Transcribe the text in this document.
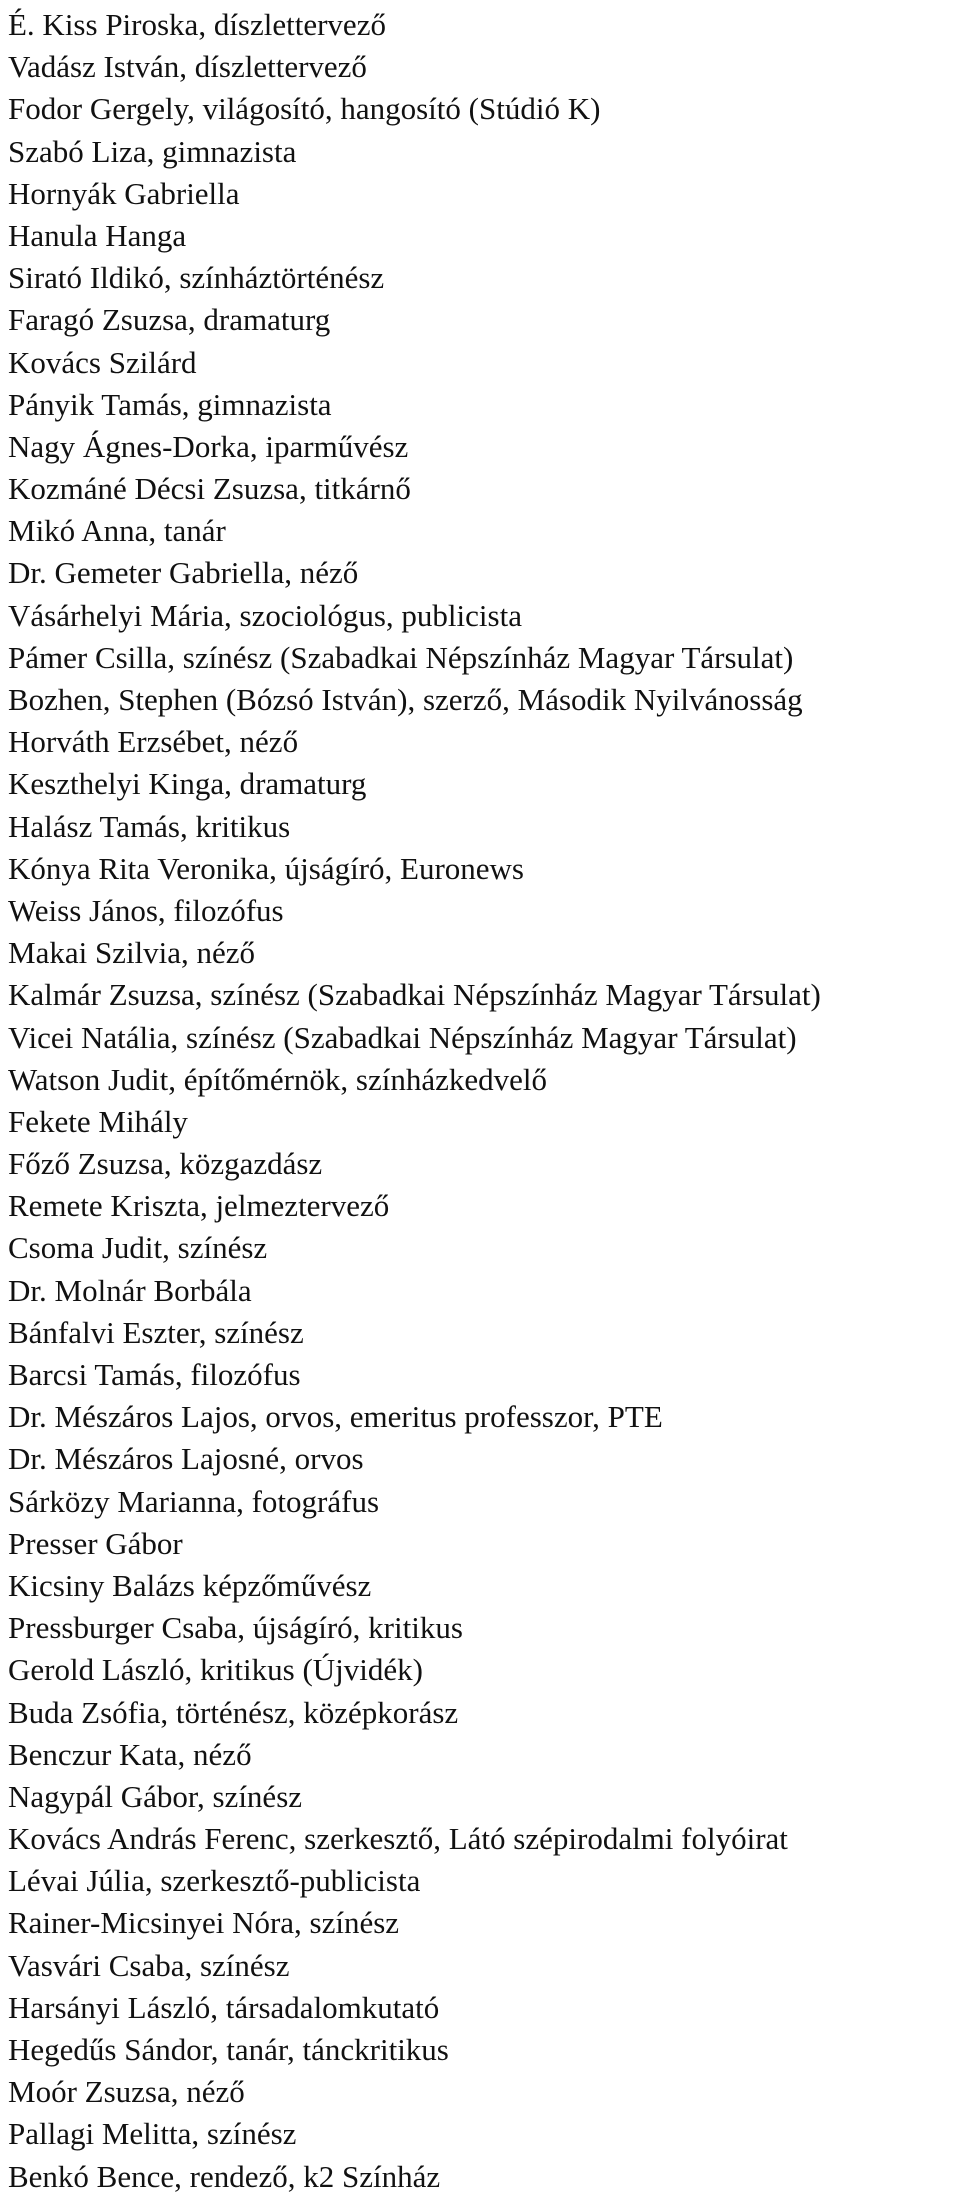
É. Kiss Piroska, díszlettervező
Vadász István, díszlettervező
Fodor Gergely, világosító, hangosító (Stúdió K)
Szabó Liza, gimnazista
Hornyák Gabriella
Hanula Hanga
Sirató Ildikó, színháztörténész
Faragó Zsuzsa, dramaturg
Kovács Szilárd
Pányik Tamás, gimnazista
Nagy Ágnes-Dorka, iparművész
Kozmáné Décsi Zsuzsa, titkárnő
Mikó Anna, tanár
Dr. Gemeter Gabriella, néző
Vásárhelyi Mária, szociológus, publicista
Pámer Csilla, színész (Szabadkai Népszínház Magyar Társulat)
Bozhen, Stephen (Bózsó István), szerző, Második Nyilvánosság
Horváth Erzsébet, néző
Keszthelyi Kinga, dramaturg
Halász Tamás, kritikus
Kónya Rita Veronika, újságíró, Euronews
Weiss János, filozófus
Makai Szilvia, néző
Kalmár Zsuzsa, színész (Szabadkai Népszínház Magyar Társulat)
Vicei Natália, színész (Szabadkai Népszínház Magyar Társulat)
Watson Judit, építőmérnök, színházkedvelő
Fekete Mihály
Főző Zsuzsa, közgazdász
Remete Kriszta, jelmeztervező
Csoma Judit, színész
Dr. Molnár Borbála
Bánfalvi Eszter, színész
Barcsi Tamás, filozófus
Dr. Mészáros Lajos, orvos, emeritus professzor, PTE
Dr. Mészáros Lajosné, orvos
Sárközy Marianna, fotográfus
Presser Gábor
Kicsiny Balázs képzőművész
Pressburger Csaba, újságíró, kritikus
Gerold László, kritikus (Újvidék)
Buda Zsófia, történész, középkorász
Benczur Kata, néző
Nagypál Gábor, színész
Kovács András Ferenc, szerkesztő, Látó szépirodalmi folyóirat
Lévai Júlia, szerkesztő-publicista
Rainer-Micsinyei Nóra, színész
Vasvári Csaba, színész
Harsányi László, társadalomkutató
Hegedűs Sándor, tanár, tánckritikus
Moór Zsuzsa, néző
Pallagi Melitta, színész
Benkó Bence, rendező, k2 Színház
